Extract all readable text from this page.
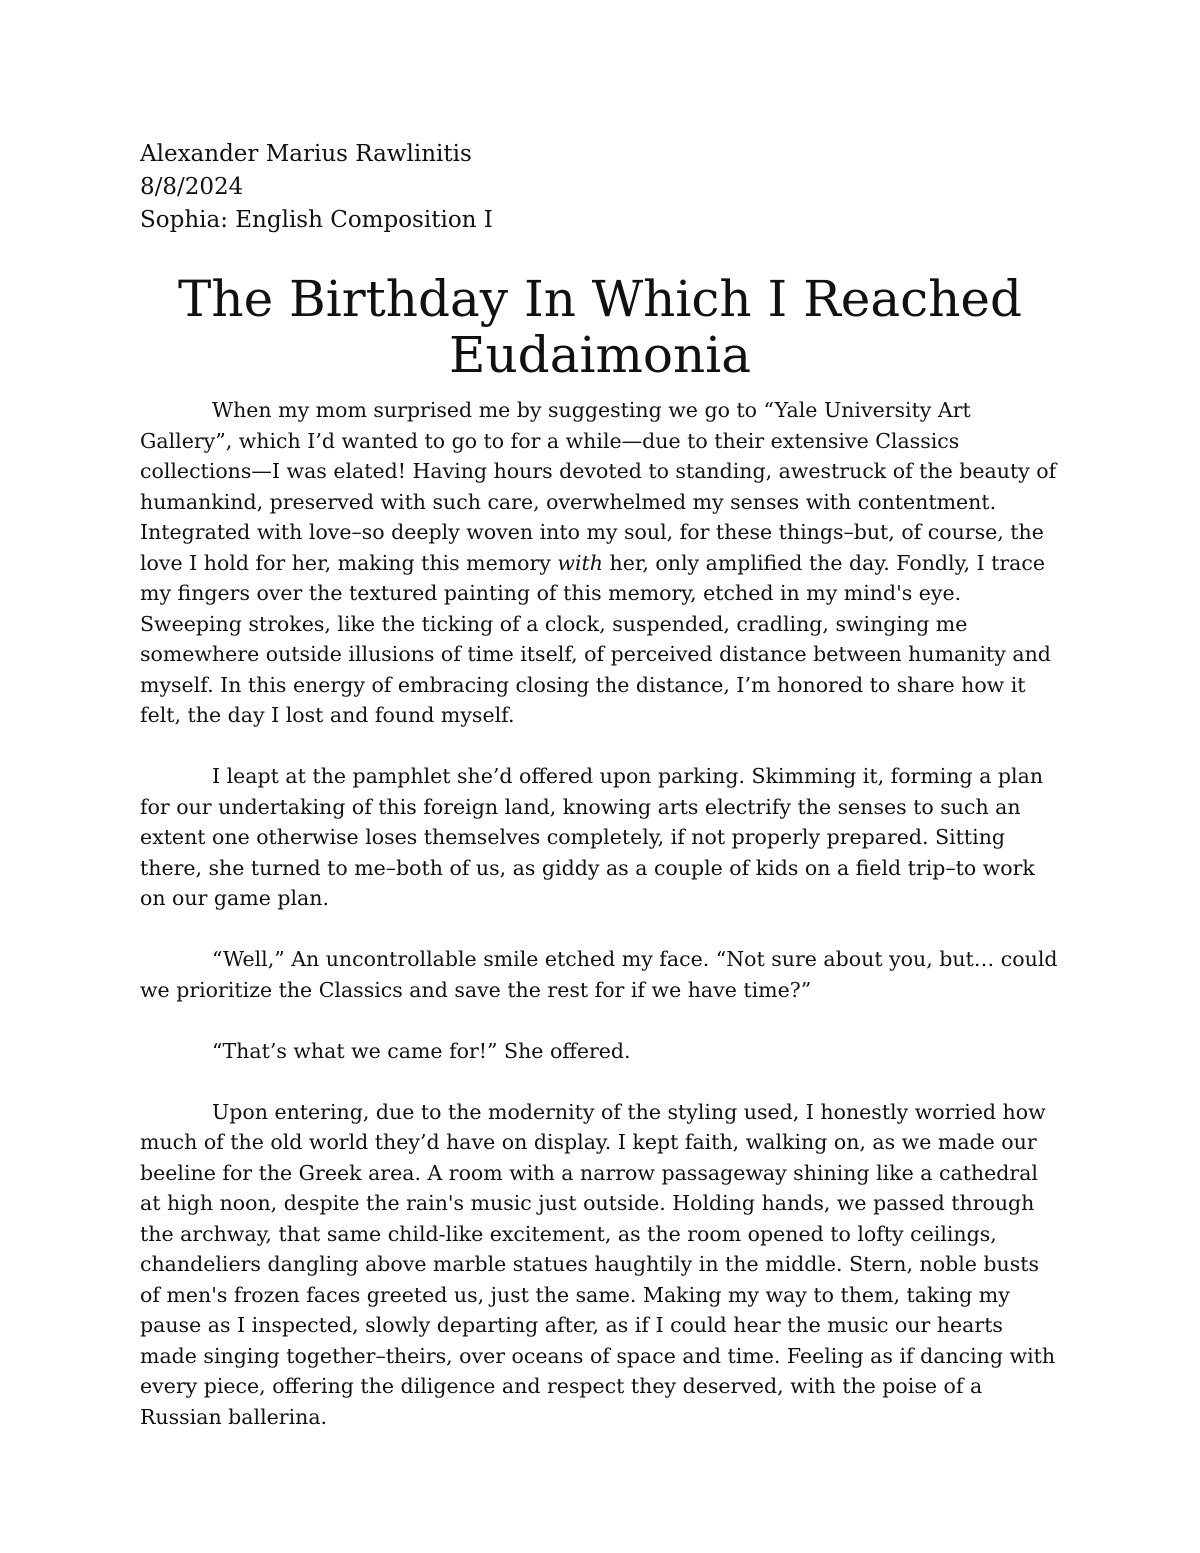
Alexander Marius Rawlinitis

8/8/2024

Sophia: English Composition I

The Birthday In Which I Reached
Eudaimonia

When my mom surprised me by suggesting we go to “Yale University Art Gallery”, which I’d wanted to go to for a while—due to their extensive Classics collections—I was elated! Having hours devoted to standing, awestruck of the beauty of humankind, preserved with such care, overwhelmed my senses with contentment. Integrated with love–so deeply woven into my soul, for these things–but, of course, the love I hold for her, making this memory with her, only amplified the day. Fondly, I trace my fingers over the textured painting of this memory, etched in my mind's eye. Sweeping strokes, like the ticking of a clock, suspended, cradling, swinging me somewhere outside illusions of time itself, of perceived distance between humanity and myself. In this energy of embracing closing the distance, I’m honored to share how it felt, the day I lost and found myself.

I leapt at the pamphlet she’d offered upon parking. Skimming it, forming a plan for our undertaking of this foreign land, knowing arts electrify the senses to such an extent one otherwise loses themselves completely, if not properly prepared. Sitting there, she turned to me–both of us, as giddy as a couple of kids on a field trip–to work on our game plan.

“Well,” An uncontrollable smile etched my face. “Not sure about you, but… could we prioritize the Classics and save the rest for if we have time?”

“That’s what we came for!” She offered.

Upon entering, due to the modernity of the styling used, I honestly worried how much of the old world they’d have on display. I kept faith, walking on, as we made our beeline for the Greek area. A room with a narrow passageway shining like a cathedral at high noon, despite the rain's music just outside. Holding hands, we passed through the archway, that same child-like excitement, as the room opened to lofty ceilings, chandeliers dangling above marble statues haughtily in the middle. Stern, noble busts of men's frozen faces greeted us, just the same. Making my way to them, taking my pause as I inspected, slowly departing after, as if I could hear the music our hearts made singing together–theirs, over oceans of space and time. Feeling as if dancing with every piece, offering the diligence and respect they deserved, with the poise of a Russian ballerina.
